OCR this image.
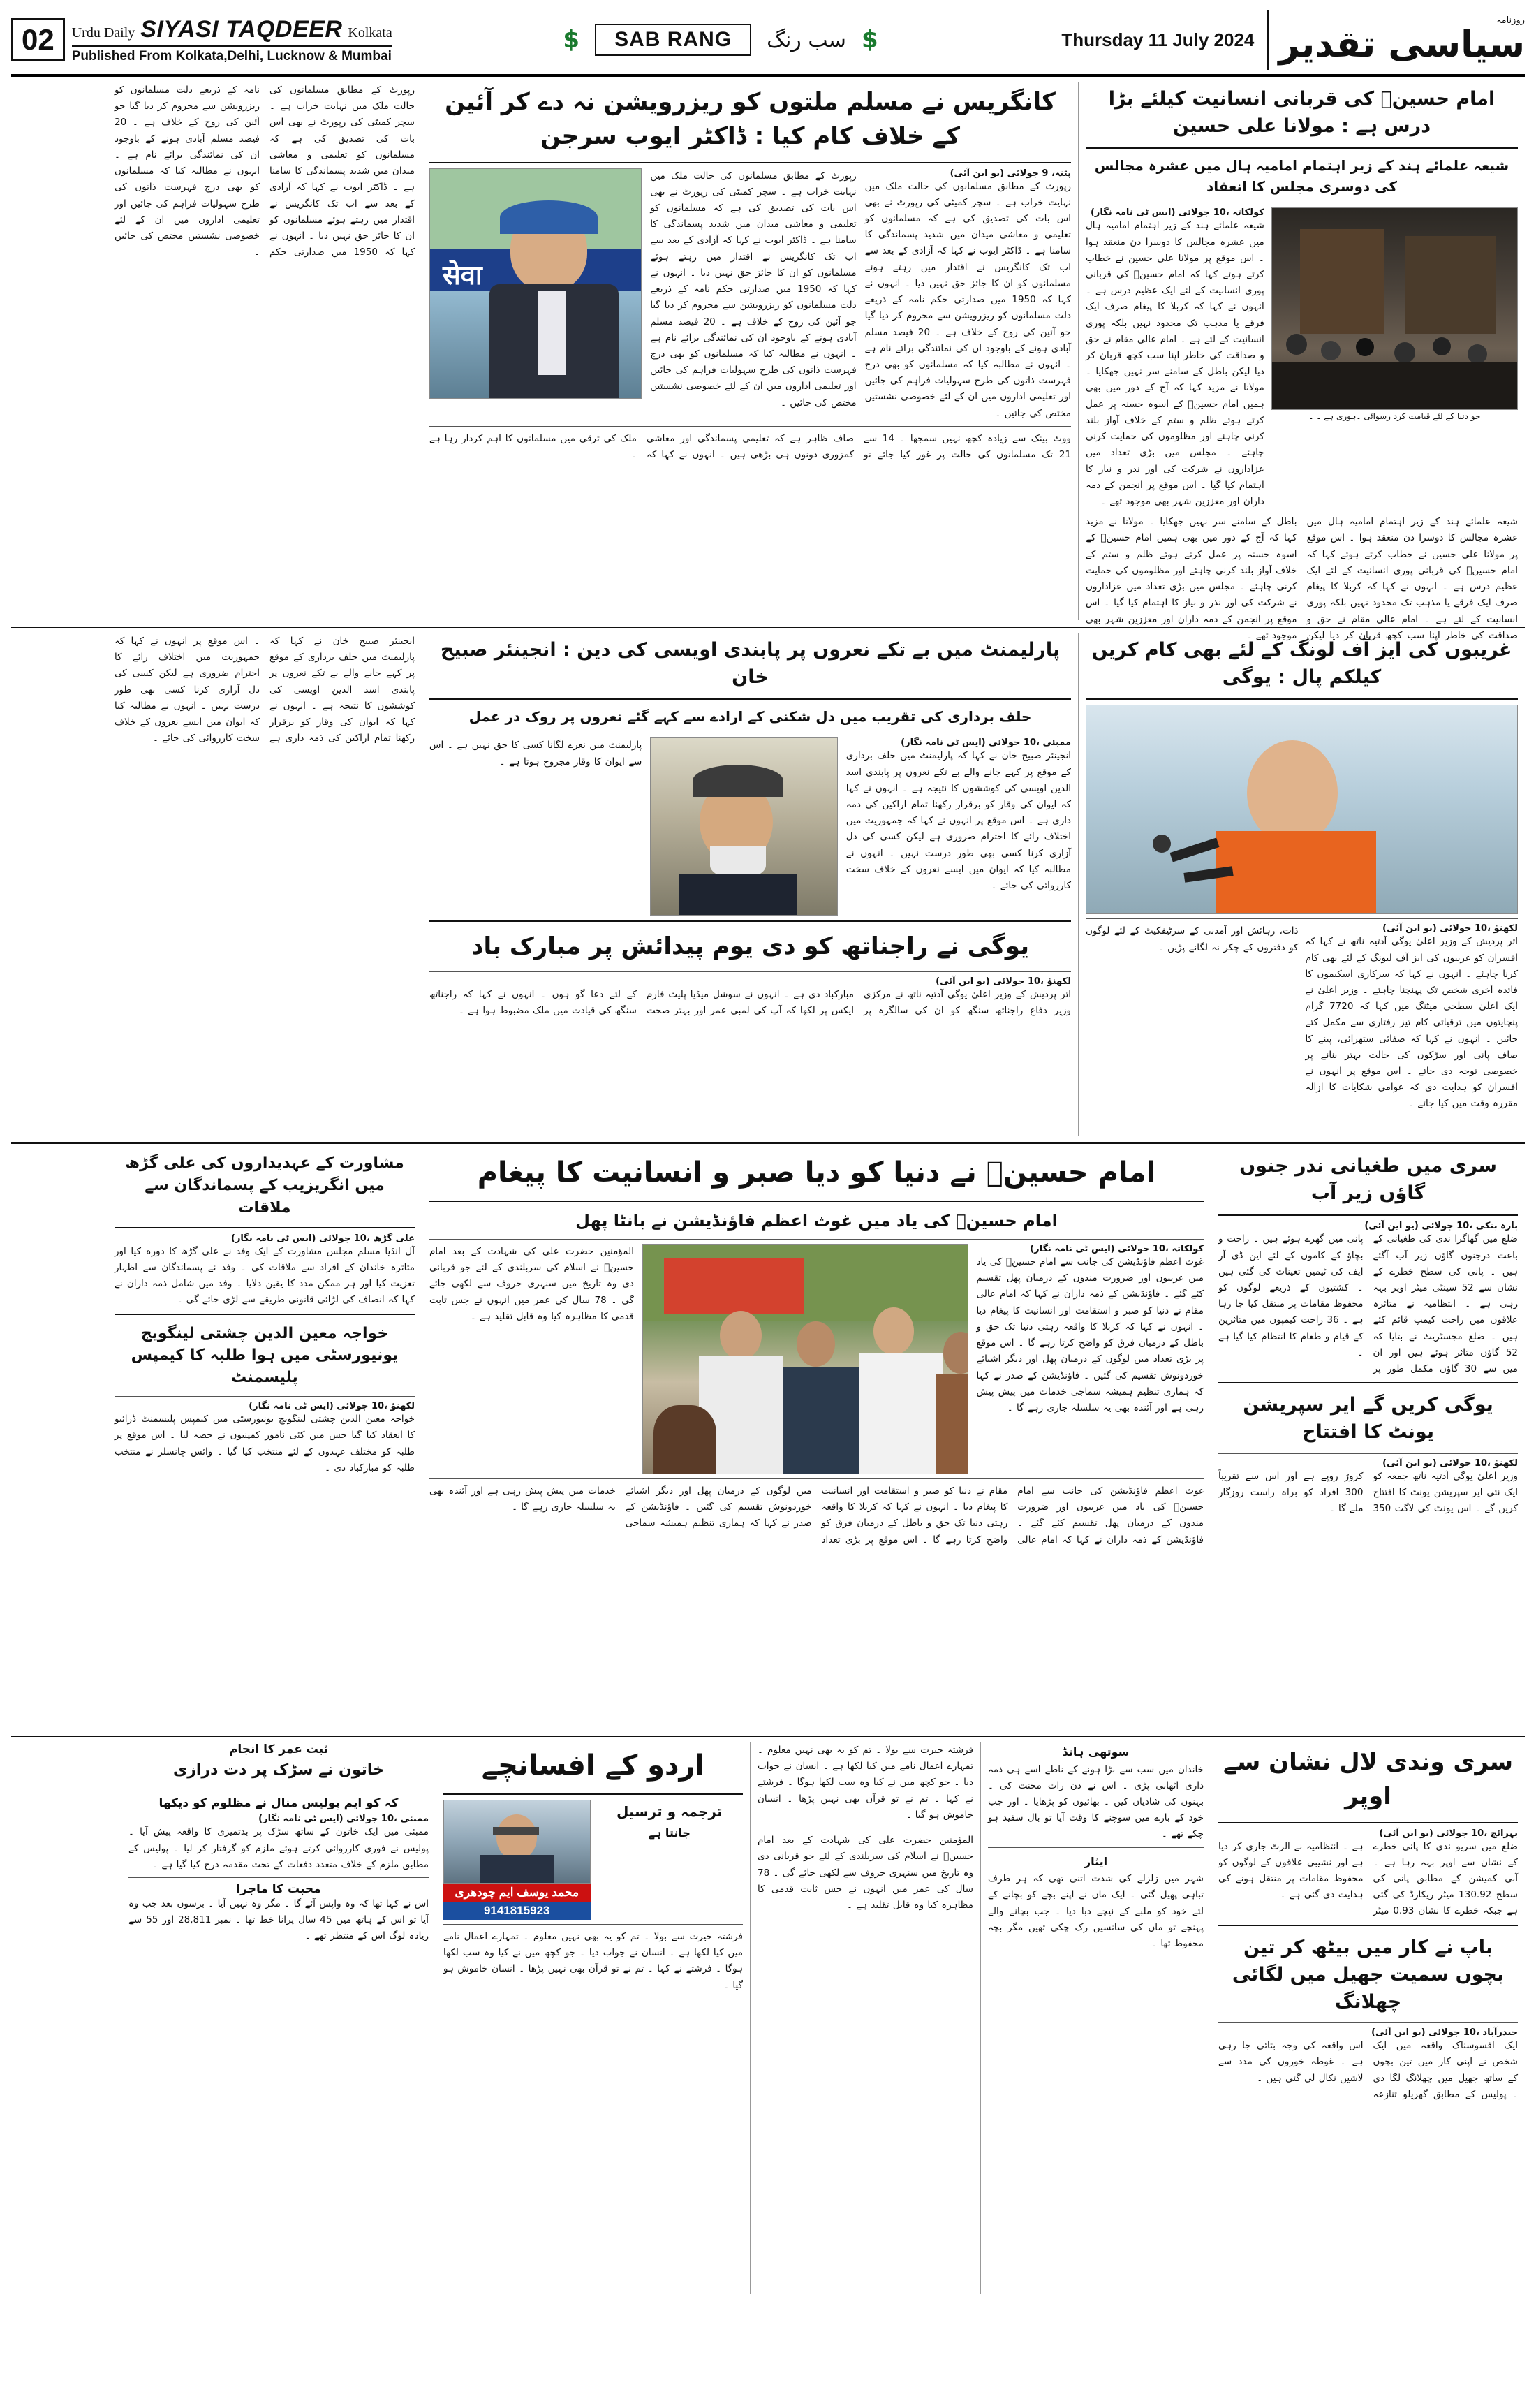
02	Urdu Daily SIYASI TAQDEER Kolkata
Published From Kolkata,Delhi, Lucknow & Mumbai
$	SAB RANG	سب رنگ $	Thursday 11 July 2024
روزنامہ
سیاسی تقدیر
امام حسینؓ کی قربانی انسانیت کیلئے بڑا درس ہے : مولانا علی حسین
شیعہ علمائے ہند کے زیر اہتمام امامیہ ہال میں عشرہ مجالس کی دوسری مجلس کا انعقاد
جو دنیا کے لئے قیامت کرد رسوائی ۔ہوری ہے ۔ ۔
کولکاتہ ،10 جولائی (ایس ٹی نامہ نگار)
شیعہ علمائے ہند کے زیر اہتمام امامیہ ہال میں عشرہ مجالس کا دوسرا دن منعقد ہوا ۔ اس موقع پر مولانا علی حسین نے خطاب کرتے ہوئے کہا کہ امام حسینؓ کی قربانی پوری انسانیت کے لئے ایک عظیم درس ہے ۔ انہوں نے کہا کہ کربلا کا پیغام صرف ایک فرقے یا مذہب تک محدود نہیں بلکہ پوری انسانیت کے لئے ہے ۔ امام عالی مقام نے حق و صداقت کی خاطر اپنا سب کچھ قربان کر دیا لیکن باطل کے سامنے سر نہیں جھکایا ۔ مولانا نے مزید کہا کہ آج کے دور میں بھی ہمیں امام حسینؓ کے اسوہ حسنہ پر عمل کرتے ہوئے ظلم و ستم کے خلاف آواز بلند کرنی چاہئے اور مظلوموں کی حمایت کرنی چاہئے ۔ مجلس میں بڑی تعداد میں عزاداروں نے شرکت کی اور نذر و نیاز کا اہتمام کیا گیا ۔ اس موقع پر انجمن کے ذمہ داران اور معززین شہر بھی موجود تھے ۔
شیعہ علمائے ہند کے زیر اہتمام امامیہ ہال میں عشرہ مجالس کا دوسرا دن منعقد ہوا ۔ اس موقع پر مولانا علی حسین نے خطاب کرتے ہوئے کہا کہ امام حسینؓ کی قربانی پوری انسانیت کے لئے ایک عظیم درس ہے ۔ انہوں نے کہا کہ کربلا کا پیغام صرف ایک فرقے یا مذہب تک محدود نہیں بلکہ پوری انسانیت کے لئے ہے ۔ امام عالی مقام نے حق و صداقت کی خاطر اپنا سب کچھ قربان کر دیا لیکن باطل کے سامنے سر نہیں جھکایا ۔ مولانا نے مزید کہا کہ آج کے دور میں بھی ہمیں امام حسینؓ کے اسوہ حسنہ پر عمل کرتے ہوئے ظلم و ستم کے خلاف آواز بلند کرنی چاہئے اور مظلوموں کی حمایت کرنی چاہئے ۔ مجلس میں بڑی تعداد میں عزاداروں نے شرکت کی اور نذر و نیاز کا اہتمام کیا گیا ۔ اس موقع پر انجمن کے ذمہ داران اور معززین شہر بھی موجود تھے ۔
کانگریس نے مسلم ملتوں کو ریزرویشن نہ دے کر آئین کے خلاف کام کیا : ڈاکٹر ایوب سرجن
پٹنہ، 9 جولائی (یو این آئی)
رپورٹ کے مطابق مسلمانوں کی حالت ملک میں نہایت خراب ہے ۔ سچر کمیٹی کی رپورٹ نے بھی اس بات کی تصدیق کی ہے کہ مسلمانوں کو تعلیمی و معاشی میدان میں شدید پسماندگی کا سامنا ہے ۔ ڈاکٹر ایوب نے کہا کہ آزادی کے بعد سے اب تک کانگریس نے اقتدار میں رہتے ہوئے مسلمانوں کو ان کا جائز حق نہیں دیا ۔ انہوں نے کہا کہ 1950 میں صدارتی حکم نامہ کے ذریعے دلت مسلمانوں کو ریزرویشن سے محروم کر دیا گیا جو آئین کی روح کے خلاف ہے ۔ 20 فیصد مسلم آبادی ہونے کے باوجود ان کی نمائندگی برائے نام ہے ۔ انہوں نے مطالبہ کیا کہ مسلمانوں کو بھی درج فہرست ذاتوں کی طرح سہولیات فراہم کی جائیں اور تعلیمی اداروں میں ان کے لئے خصوصی نشستیں مختص کی جائیں ۔
رپورٹ کے مطابق مسلمانوں کی حالت ملک میں نہایت خراب ہے ۔ سچر کمیٹی کی رپورٹ نے بھی اس بات کی تصدیق کی ہے کہ مسلمانوں کو تعلیمی و معاشی میدان میں شدید پسماندگی کا سامنا ہے ۔ ڈاکٹر ایوب نے کہا کہ آزادی کے بعد سے اب تک کانگریس نے اقتدار میں رہتے ہوئے مسلمانوں کو ان کا جائز حق نہیں دیا ۔ انہوں نے کہا کہ 1950 میں صدارتی حکم نامہ کے ذریعے دلت مسلمانوں کو ریزرویشن سے محروم کر دیا گیا جو آئین کی روح کے خلاف ہے ۔ 20 فیصد مسلم آبادی ہونے کے باوجود ان کی نمائندگی برائے نام ہے ۔ انہوں نے مطالبہ کیا کہ مسلمانوں کو بھی درج فہرست ذاتوں کی طرح سہولیات فراہم کی جائیں اور تعلیمی اداروں میں ان کے لئے خصوصی نشستیں مختص کی جائیں ۔
सेवा
ووٹ بینک سے زیادہ کچھ نہیں سمجھا ۔ 14 سے 21 تک مسلمانوں کی حالت پر غور کیا جائے تو صاف ظاہر ہے کہ تعلیمی پسماندگی اور معاشی کمزوری دونوں ہی بڑھی ہیں ۔ انہوں نے کہا کہ ملک کی ترقی میں مسلمانوں کا اہم کردار رہا ہے ۔
رپورٹ کے مطابق مسلمانوں کی حالت ملک میں نہایت خراب ہے ۔ سچر کمیٹی کی رپورٹ نے بھی اس بات کی تصدیق کی ہے کہ مسلمانوں کو تعلیمی و معاشی میدان میں شدید پسماندگی کا سامنا ہے ۔ ڈاکٹر ایوب نے کہا کہ آزادی کے بعد سے اب تک کانگریس نے اقتدار میں رہتے ہوئے مسلمانوں کو ان کا جائز حق نہیں دیا ۔ انہوں نے کہا کہ 1950 میں صدارتی حکم نامہ کے ذریعے دلت مسلمانوں کو ریزرویشن سے محروم کر دیا گیا جو آئین کی روح کے خلاف ہے ۔ 20 فیصد مسلم آبادی ہونے کے باوجود ان کی نمائندگی برائے نام ہے ۔ انہوں نے مطالبہ کیا کہ مسلمانوں کو بھی درج فہرست ذاتوں کی طرح سہولیات فراہم کی جائیں اور تعلیمی اداروں میں ان کے لئے خصوصی نشستیں مختص کی جائیں ۔
غریبوں کی ایز آف لونگ کے لئے بھی کام کریں کیلکم پال : یوگی
لکھنؤ ،10 جولائی (یو این آئی)
اتر پردیش کے وزیر اعلیٰ یوگی آدتیہ ناتھ نے کہا کہ افسران کو غریبوں کی ایز آف لیونگ کے لئے بھی کام کرنا چاہئے ۔ انہوں نے کہا کہ سرکاری اسکیموں کا فائدہ آخری شخص تک پہنچنا چاہئے ۔ وزیر اعلیٰ نے ایک اعلیٰ سطحی میٹنگ میں کہا کہ 7720 گرام پنچایتوں میں ترقیاتی کام تیز رفتاری سے مکمل کئے جائیں ۔ انہوں نے کہا کہ صفائی ستھرائی، پینے کا صاف پانی اور سڑکوں کی حالت بہتر بنانے پر خصوصی توجہ دی جائے ۔ اس موقع پر انہوں نے افسران کو ہدایت دی کہ عوامی شکایات کا ازالہ مقررہ وقت میں کیا جائے ۔
ذات، رہائش اور آمدنی کے سرٹیفکیٹ کے لئے لوگوں کو دفتروں کے چکر نہ لگانے پڑیں ۔
پارلیمنٹ میں بے تکے نعروں پر پابندی اویسی کی دین : انجینئر صبیح خان
حلف برداری کی تقریب میں دل شکنی کے ارادے سے کہے گئے نعروں پر روک در عمل
ممبئی ،10 جولائی (ایس ٹی نامہ نگار)
انجینئر صبیح خان نے کہا کہ پارلیمنٹ میں حلف برداری کے موقع پر کہے جانے والے بے تکے نعروں پر پابندی اسد الدین اویسی کی کوششوں کا نتیجہ ہے ۔ انہوں نے کہا کہ ایوان کی وقار کو برقرار رکھنا تمام اراکین کی ذمہ داری ہے ۔ اس موقع پر انہوں نے کہا کہ جمہوریت میں اختلاف رائے کا احترام ضروری ہے لیکن کسی کی دل آزاری کرنا کسی بھی طور درست نہیں ۔ انہوں نے مطالبہ کیا کہ ایوان میں ایسے نعروں کے خلاف سخت کارروائی کی جائے ۔
پارلیمنٹ میں نعرے لگانا کسی کا حق نہیں ہے ۔ اس سے ایوان کا وقار مجروح ہوتا ہے ۔
یوگی نے راجناتھ کو دی یوم پیدائش پر مبارک باد
لکھنؤ ،10 جولائی (یو این آئی)
اتر پردیش کے وزیر اعلیٰ یوگی آدتیہ ناتھ نے مرکزی وزیر دفاع راجناتھ سنگھ کو ان کی سالگرہ پر مبارکباد دی ہے ۔ انہوں نے سوشل میڈیا پلیٹ فارم ایکس پر لکھا کہ آپ کی لمبی عمر اور بہتر صحت کے لئے دعا گو ہوں ۔ انہوں نے کہا کہ راجناتھ سنگھ کی قیادت میں ملک مضبوط ہوا ہے ۔
انجینئر صبیح خان نے کہا کہ پارلیمنٹ میں حلف برداری کے موقع پر کہے جانے والے بے تکے نعروں پر پابندی اسد الدین اویسی کی کوششوں کا نتیجہ ہے ۔ انہوں نے کہا کہ ایوان کی وقار کو برقرار رکھنا تمام اراکین کی ذمہ داری ہے ۔ اس موقع پر انہوں نے کہا کہ جمہوریت میں اختلاف رائے کا احترام ضروری ہے لیکن کسی کی دل آزاری کرنا کسی بھی طور درست نہیں ۔ انہوں نے مطالبہ کیا کہ ایوان میں ایسے نعروں کے خلاف سخت کارروائی کی جائے ۔
سری میں طغیانی ندر جنوں گاؤں زیر آب
بارہ بنکی ،10 جولائی (یو این آئی)
ضلع میں گھاگرا ندی کی طغیانی کے باعث درجنوں گاؤں زیر آب آگئے ہیں ۔ پانی کی سطح خطرے کے نشان سے 52 سینٹی میٹر اوپر بہہ رہی ہے ۔ انتظامیہ نے متاثرہ علاقوں میں راحت کیمپ قائم کئے ہیں ۔ ضلع مجسٹریٹ نے بتایا کہ 52 گاؤں متاثر ہوئے ہیں اور ان میں سے 30 گاؤں مکمل طور پر پانی میں گھرے ہوئے ہیں ۔ راحت و بچاؤ کے کاموں کے لئے این ڈی آر ایف کی ٹیمیں تعینات کی گئی ہیں ۔ کشتیوں کے ذریعے لوگوں کو محفوظ مقامات پر منتقل کیا جا رہا ہے ۔ 36 راحت کیمپوں میں متاثرین کے قیام و طعام کا انتظام کیا گیا ہے ۔
یوگی کریں گے ایر سپریشن یونٹ کا افتتاح
لکھنؤ ،10 جولائی (یو این آئی)
وزیر اعلیٰ یوگی آدتیہ ناتھ جمعہ کو ایک نئی ایر سپریشن یونٹ کا افتتاح کریں گے ۔ اس یونٹ کی لاگت 350 کروڑ روپے ہے اور اس سے تقریباً 300 افراد کو براہ راست روزگار ملے گا ۔
امام حسینؓ نے دنیا کو دیا صبر و انسانیت کا پیغام
امام حسینؓ کی یاد میں غوث اعظم فاؤنڈیشن نے بانٹا پھل
کولکاتہ ،10 جولائی (ایس ٹی نامہ نگار)
غوث اعظم فاؤنڈیشن کی جانب سے امام حسینؓ کی یاد میں غریبوں اور ضرورت مندوں کے درمیان پھل تقسیم کئے گئے ۔ فاؤنڈیشن کے ذمہ داران نے کہا کہ امام عالی مقام نے دنیا کو صبر و استقامت اور انسانیت کا پیغام دیا ۔ انہوں نے کہا کہ کربلا کا واقعہ رہتی دنیا تک حق و باطل کے درمیان فرق کو واضح کرتا رہے گا ۔ اس موقع پر بڑی تعداد میں لوگوں کے درمیان پھل اور دیگر اشیائے خوردونوش تقسیم کی گئیں ۔ فاؤنڈیشن کے صدر نے کہا کہ ہماری تنظیم ہمیشہ سماجی خدمات میں پیش پیش رہی ہے اور آئندہ بھی یہ سلسلہ جاری رہے گا ۔
المؤمنین حضرت علی کی شہادت کے بعد امام حسینؓ نے اسلام کی سربلندی کے لئے جو قربانی دی وہ تاریخ میں سنہری حروف سے لکھی جائے گی ۔ 78 سال کی عمر میں انہوں نے جس ثابت قدمی کا مظاہرہ کیا وہ قابل تقلید ہے ۔
غوث اعظم فاؤنڈیشن کی جانب سے امام حسینؓ کی یاد میں غریبوں اور ضرورت مندوں کے درمیان پھل تقسیم کئے گئے ۔ فاؤنڈیشن کے ذمہ داران نے کہا کہ امام عالی مقام نے دنیا کو صبر و استقامت اور انسانیت کا پیغام دیا ۔ انہوں نے کہا کہ کربلا کا واقعہ رہتی دنیا تک حق و باطل کے درمیان فرق کو واضح کرتا رہے گا ۔ اس موقع پر بڑی تعداد میں لوگوں کے درمیان پھل اور دیگر اشیائے خوردونوش تقسیم کی گئیں ۔ فاؤنڈیشن کے صدر نے کہا کہ ہماری تنظیم ہمیشہ سماجی خدمات میں پیش پیش رہی ہے اور آئندہ بھی یہ سلسلہ جاری رہے گا ۔
مشاورت کے عہدیداروں کی علی گڑھ میں انگریزیب کے پسماندگان سے ملاقات
علی گڑھ ،10 جولائی (ایس ٹی نامہ نگار)
آل انڈیا مسلم مجلس مشاورت کے ایک وفد نے علی گڑھ کا دورہ کیا اور متاثرہ خاندان کے افراد سے ملاقات کی ۔ وفد نے پسماندگان سے اظہار تعزیت کیا اور ہر ممکن مدد کا یقین دلایا ۔ وفد میں شامل ذمہ داران نے کہا کہ انصاف کی لڑائی قانونی طریقے سے لڑی جائے گی ۔
خواجہ معین الدین چشتی لینگویج یونیورسٹی میں ہوا طلبہ کا کیمپس پلیسمنٹ
لکھنؤ ،10 جولائی (ایس ٹی نامہ نگار)
خواجہ معین الدین چشتی لینگویج یونیورسٹی میں کیمپس پلیسمنٹ ڈرائیو کا انعقاد کیا گیا جس میں کئی نامور کمپنیوں نے حصہ لیا ۔ اس موقع پر طلبہ کو مختلف عہدوں کے لئے منتخب کیا گیا ۔ وائس چانسلر نے منتخب طلبہ کو مبارکباد دی ۔
سری وندی لال نشان سے اوپر
بہرائچ ،10 جولائی (یو این آئی)
ضلع میں سریو ندی کا پانی خطرے کے نشان سے اوپر بہہ رہا ہے ۔ آبی کمیشن کے مطابق پانی کی سطح 130.92 میٹر ریکارڈ کی گئی ہے جبکہ خطرے کا نشان 0.93 میٹر ہے ۔ انتظامیہ نے الرٹ جاری کر دیا ہے اور نشیبی علاقوں کے لوگوں کو محفوظ مقامات پر منتقل ہونے کی ہدایت دی گئی ہے ۔
باپ نے کار میں بیٹھ کر تین بچوں سمیت جھیل میں لگائی چھلانگ
حیدرآباد ،10 جولائی (یو این آئی)
ایک افسوسناک واقعہ میں ایک شخص نے اپنی کار میں تین بچوں کے ساتھ جھیل میں چھلانگ لگا دی ۔ پولیس کے مطابق گھریلو تنازعہ اس واقعہ کی وجہ بتائی جا رہی ہے ۔ غوطہ خوروں کی مدد سے لاشیں نکال لی گئی ہیں ۔
سوتھی ہانڈ
خاندان میں سب سے بڑا ہونے کے ناطے اسے ہی ذمہ داری اٹھانی پڑی ۔ اس نے دن رات محنت کی ۔ بہنوں کی شادیاں کیں ۔ بھائیوں کو پڑھایا ۔ اور جب خود کے بارے میں سوچنے کا وقت آیا تو بال سفید ہو چکے تھے ۔
ایثار
شہر میں زلزلے کی شدت اتنی تھی کہ ہر طرف تباہی پھیل گئی ۔ ایک ماں نے اپنے بچے کو بچانے کے لئے خود کو ملبے کے نیچے دبا دیا ۔ جب بچانے والے پہنچے تو ماں کی سانسیں رک چکی تھیں مگر بچہ محفوظ تھا ۔
فرشتہ حیرت سے بولا ۔ تم کو یہ بھی نہیں معلوم ۔ تمہارے اعمال نامے میں کیا لکھا ہے ۔ انسان نے جواب دیا ۔ جو کچھ میں نے کیا وہ سب لکھا ہوگا ۔ فرشتے نے کہا ۔ تم نے تو قرآن بھی نہیں پڑھا ۔ انسان خاموش ہو گیا ۔
المؤمنین حضرت علی کی شہادت کے بعد امام حسینؓ نے اسلام کی سربلندی کے لئے جو قربانی دی وہ تاریخ میں سنہری حروف سے لکھی جائے گی ۔ 78 سال کی عمر میں انہوں نے جس ثابت قدمی کا مظاہرہ کیا وہ قابل تقلید ہے ۔
اردو کے افسانچے
ترجمہ و ترسیل
جانتا ہے
محمد یوسف ایم چودھری
9141815923
فرشتہ حیرت سے بولا ۔ تم کو یہ بھی نہیں معلوم ۔ تمہارے اعمال نامے میں کیا لکھا ہے ۔ انسان نے جواب دیا ۔ جو کچھ میں نے کیا وہ سب لکھا ہوگا ۔ فرشتے نے کہا ۔ تم نے تو قرآن بھی نہیں پڑھا ۔ انسان خاموش ہو گیا ۔
ثبت عمر کا انجام
خاتون نے سڑک پر دت درازی
کہ کو ایم پولیس منال نے مظلوم کو دیکھا
ممبئی ،10 جولائی (ایس ٹی نامہ نگار)
ممبئی میں ایک خاتون کے ساتھ سڑک پر بدتمیزی کا واقعہ پیش آیا ۔ پولیس نے فوری کارروائی کرتے ہوئے ملزم کو گرفتار کر لیا ۔ پولیس کے مطابق ملزم کے خلاف متعدد دفعات کے تحت مقدمہ درج کیا گیا ہے ۔
محبت کا ماجرا
اس نے کہا تھا کہ وہ واپس آئے گا ۔ مگر وہ نہیں آیا ۔ برسوں بعد جب وہ آیا تو اس کے ہاتھ میں 45 سال پرانا خط تھا ۔ نمبر 28,811 اور 55 سے زیادہ لوگ اس کے منتظر تھے ۔
